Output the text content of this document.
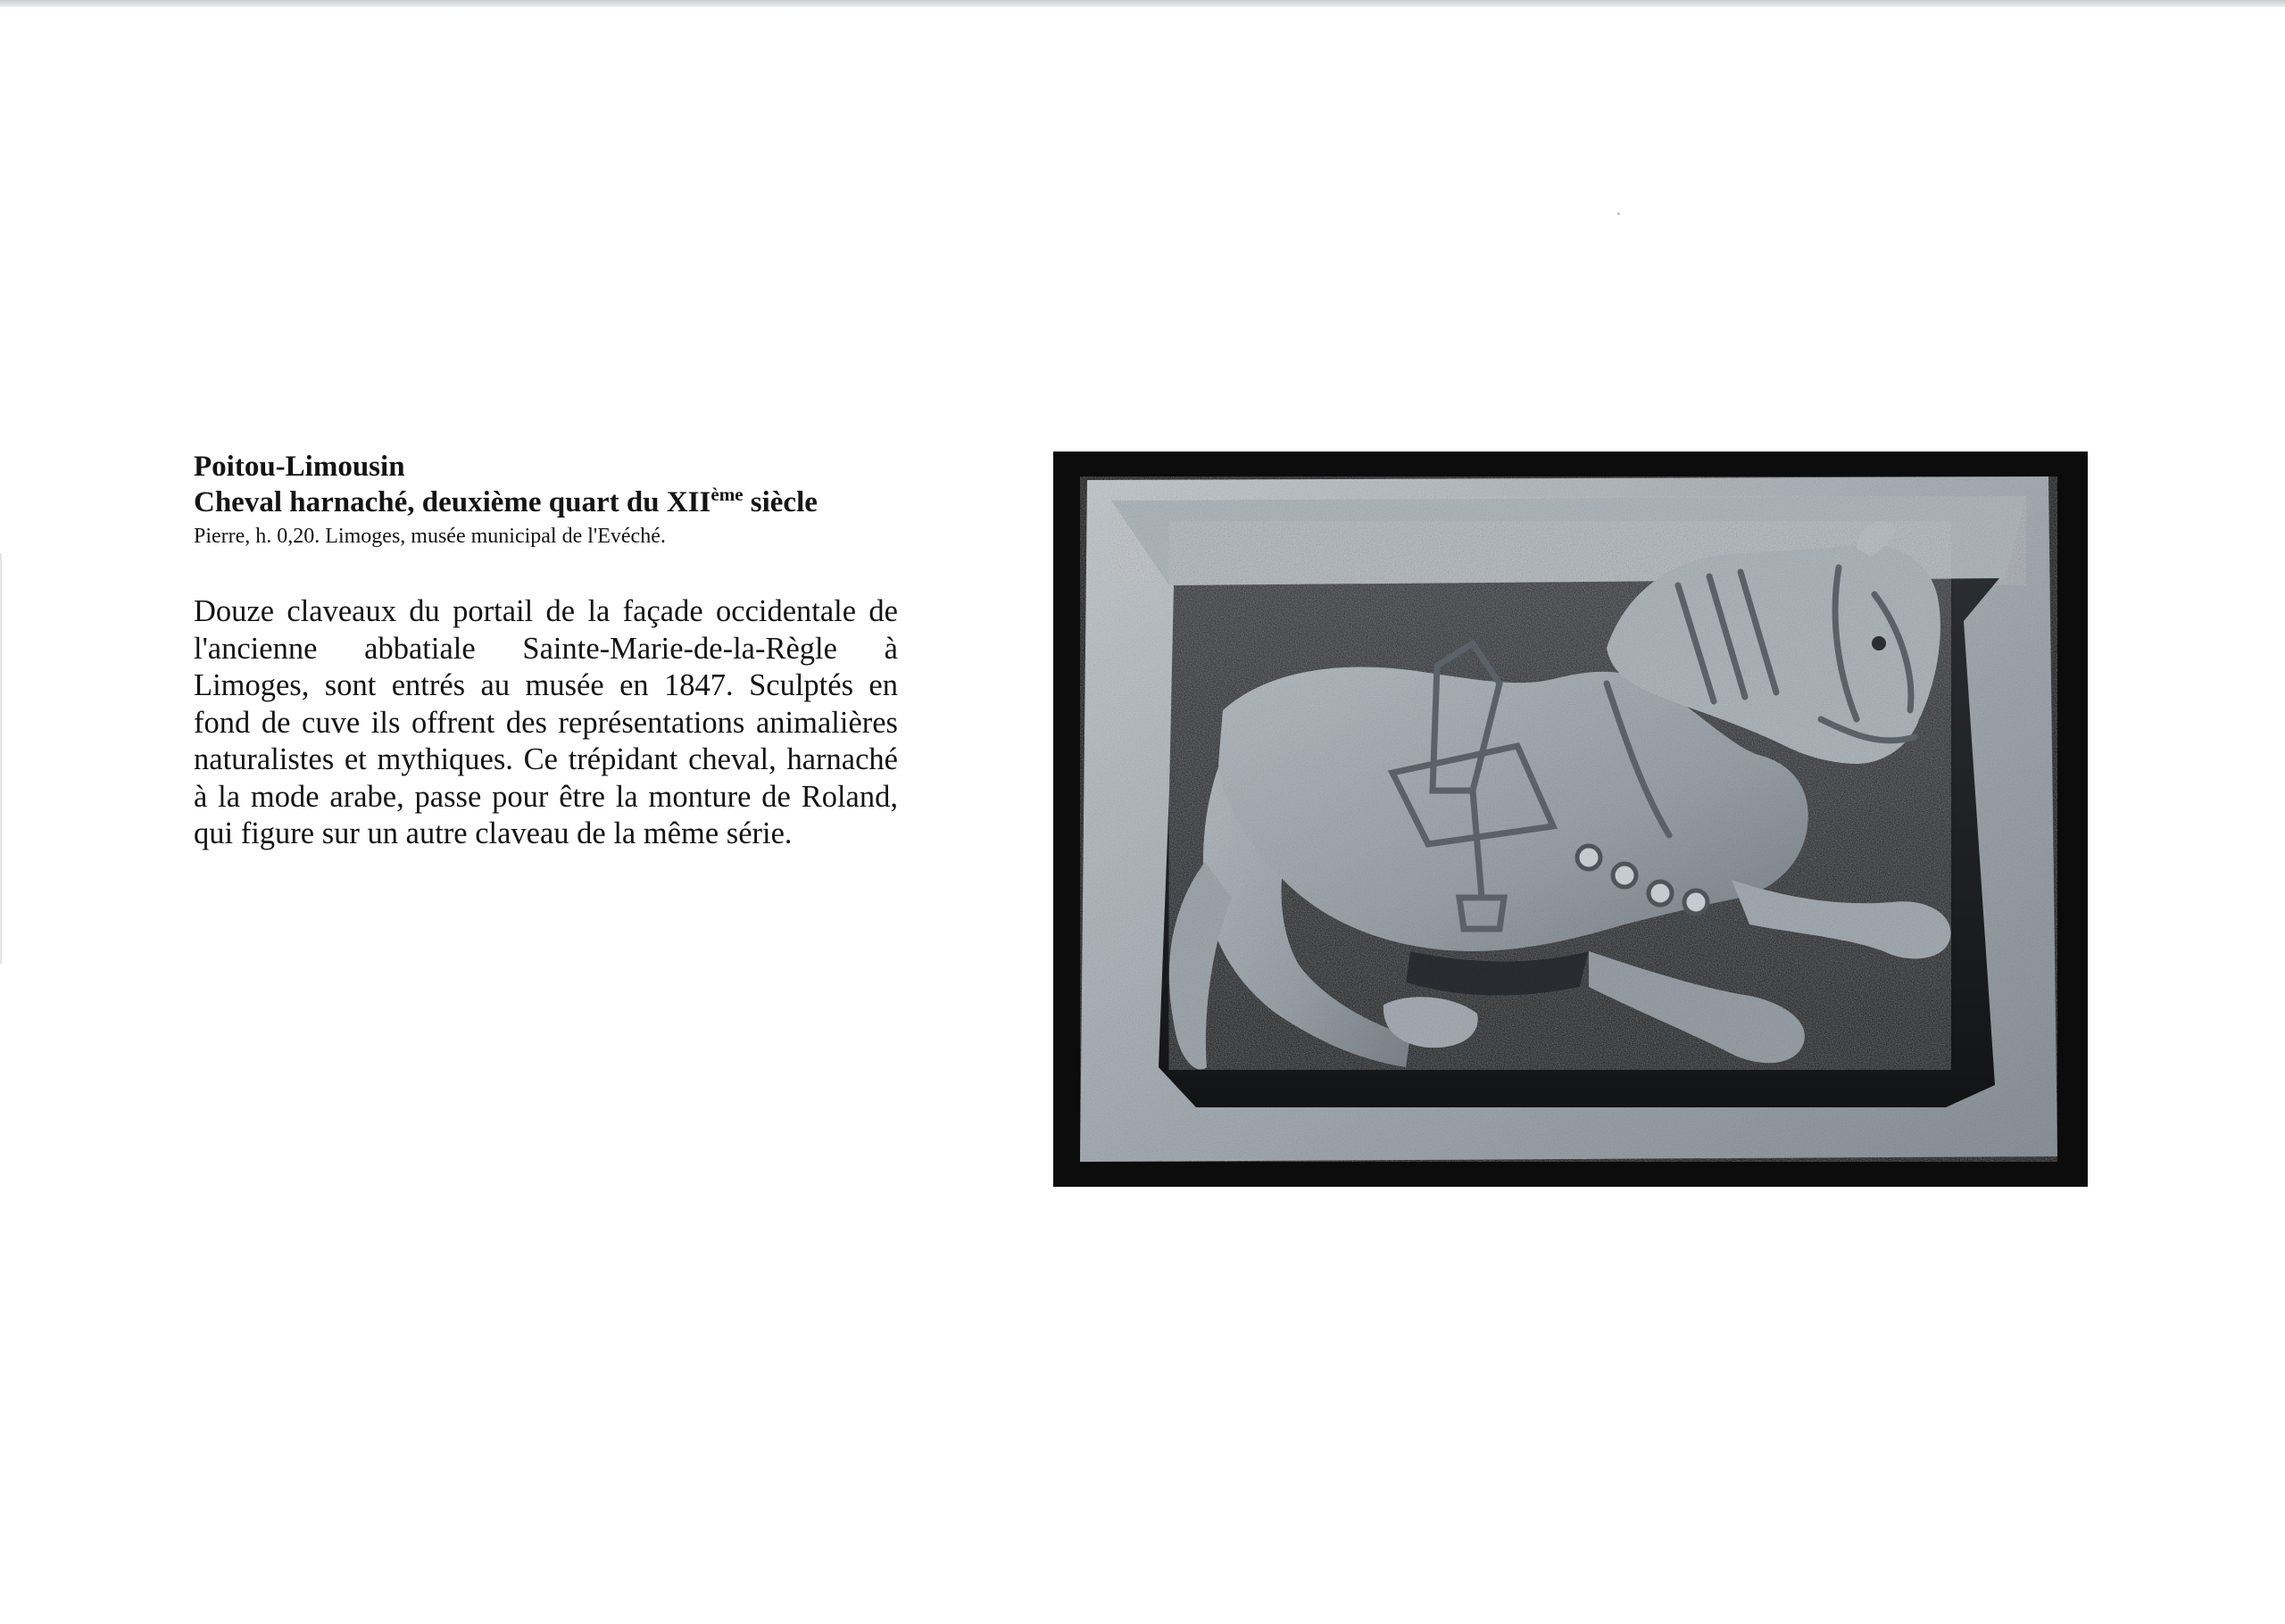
Poitou-Limousin

Cheval harnaché, deuxième quart du XIIème siècle

Pierre, h. 0,20. Limoges, musée municipal de l'Evéché.

Douze claveaux du portail de la façade occidentale de l'ancienne abbatiale Sainte-Marie-de-la-Règle à Limoges, sont entrés au musée en 1847. Sculptés en fond de cuve ils offrent des représentations animalières naturalistes et mythiques. Ce trépidant cheval, harnaché à la mode arabe, passe pour être la monture de Roland, qui figure sur un autre claveau de la même série.
